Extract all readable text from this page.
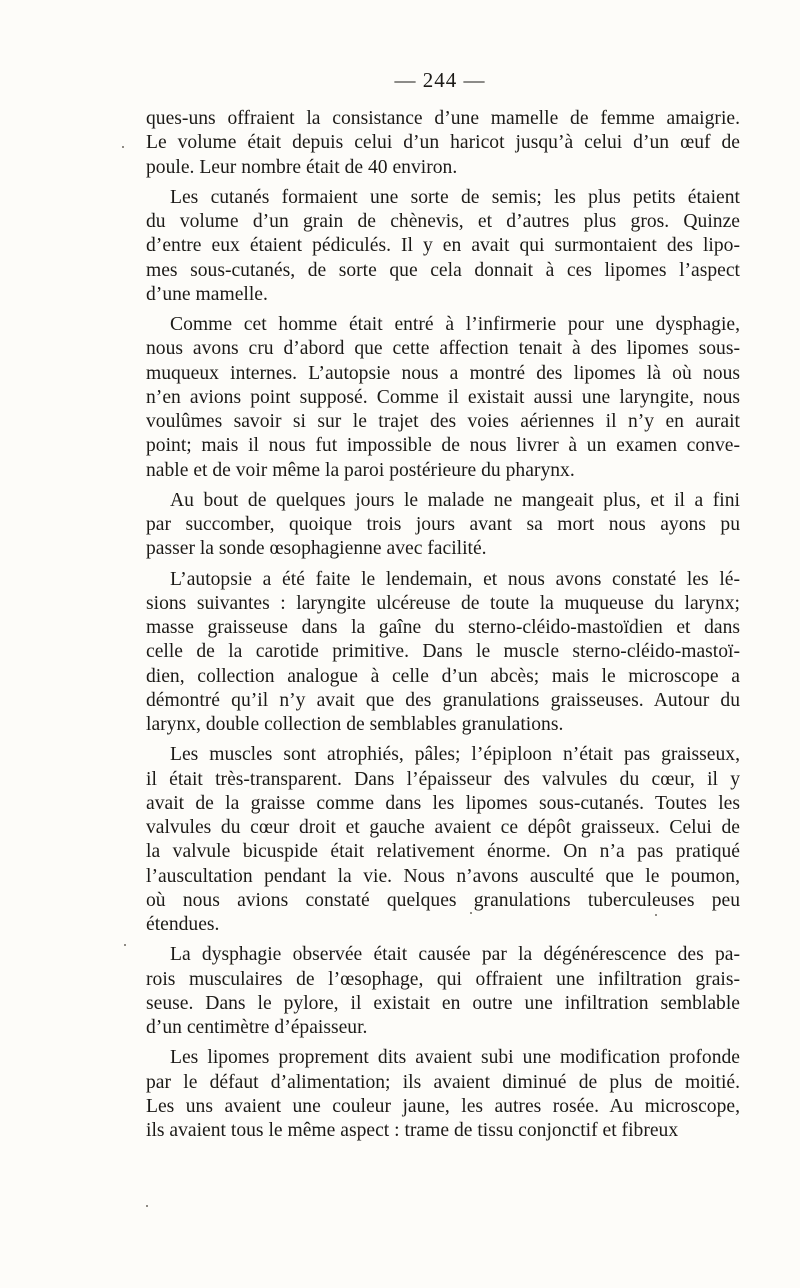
— 244 —
ques-uns offraient la consistance d’une mamelle de femme amaigrie.
Le volume était depuis celui d’un haricot jusqu’à celui d’un œuf de
poule. Leur nombre était de 40 environ.
Les cutanés formaient une sorte de semis; les plus petits étaient
du volume d’un grain de chènevis, et d’autres plus gros. Quinze
d’entre eux étaient pédiculés. Il y en avait qui surmontaient des lipo-
mes sous-cutanés, de sorte que cela donnait à ces lipomes l’aspect
d’une mamelle.
Comme cet homme était entré à l’infirmerie pour une dysphagie,
nous avons cru d’abord que cette affection tenait à des lipomes sous-
muqueux internes. L’autopsie nous a montré des lipomes là où nous
n’en avions point supposé. Comme il existait aussi une laryngite, nous
voulûmes savoir si sur le trajet des voies aériennes il n’y en aurait
point; mais il nous fut impossible de nous livrer à un examen conve-
nable et de voir même la paroi postérieure du pharynx.
Au bout de quelques jours le malade ne mangeait plus, et il a fini
par succomber, quoique trois jours avant sa mort nous ayons pu
passer la sonde œsophagienne avec facilité.
L’autopsie a été faite le lendemain, et nous avons constaté les lé-
sions suivantes : laryngite ulcéreuse de toute la muqueuse du larynx;
masse graisseuse dans la gaîne du sterno-cléido-mastoïdien et dans
celle de la carotide primitive. Dans le muscle sterno-cléido-mastoï-
dien, collection analogue à celle d’un abcès; mais le microscope a
démontré qu’il n’y avait que des granulations graisseuses. Autour du
larynx, double collection de semblables granulations.
Les muscles sont atrophiés, pâles; l’épiploon n’était pas graisseux,
il était très-transparent. Dans l’épaisseur des valvules du cœur, il y
avait de la graisse comme dans les lipomes sous-cutanés. Toutes les
valvules du cœur droit et gauche avaient ce dépôt graisseux. Celui de
la valvule bicuspide était relativement énorme. On n’a pas pratiqué
l’auscultation pendant la vie. Nous n’avons ausculté que le poumon,
où nous avions constaté quelques granulations tuberculeuses peu
étendues.
La dysphagie observée était causée par la dégénérescence des pa-
rois musculaires de l’œsophage, qui offraient une infiltration grais-
seuse. Dans le pylore, il existait en outre une infiltration semblable
d’un centimètre d’épaisseur.
Les lipomes proprement dits avaient subi une modification profonde
par le défaut d’alimentation; ils avaient diminué de plus de moitié.
Les uns avaient une couleur jaune, les autres rosée. Au microscope,
ils avaient tous le même aspect : trame de tissu conjonctif et fibreux
